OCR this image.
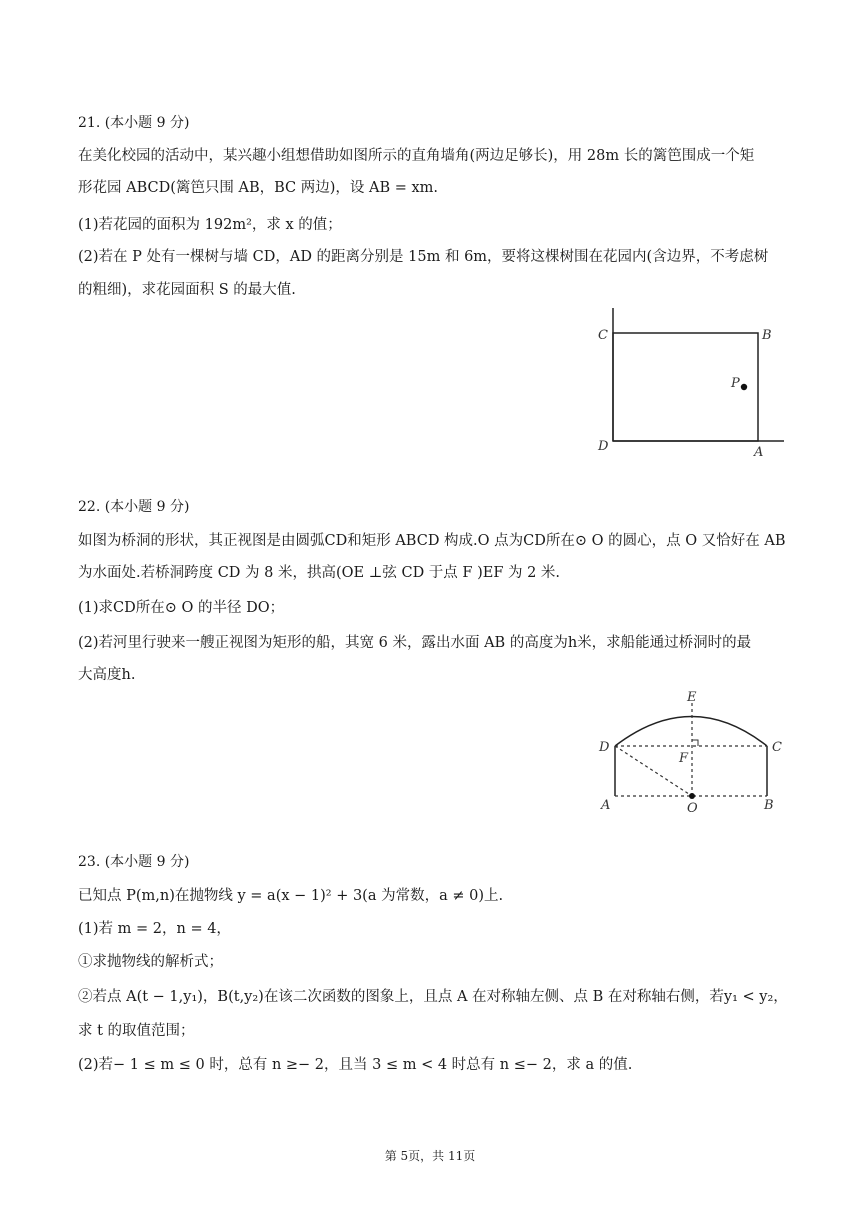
21. (本小题 9 分)
在美化校园的活动中，某兴趣小组想借助如图所示的直角墙角(两边足够长)，用 28m 长的篱笆围成一个矩
形花园 ABCD(篱笆只围 AB，BC 两边)，设 AB = xm.
(1)若花园的面积为 192m²，求 x 的值；
(2)若在 P 处有一棵树与墙 CD，AD 的距离分别是 15m 和 6m，要将这棵树围在花园内(含边界，不考虑树
的粗细)，求花园面积 S 的最大值.
C	B
D	A
P
22. (本小题 9 分)
如图为桥洞的形状，其正视图是由圆弧CD和矩形 ABCD 构成.O 点为CD所在⊙ O 的圆心，点 O 又恰好在 AB
为水面处.若桥洞跨度 CD 为 8 米，拱高(OE ⊥弦 CD 于点 F )EF 为 2 米.
(1)求CD所在⊙ O 的半径 DO；
(2)若河里行驶来一艘正视图为矩形的船，其宽 6 米，露出水面 AB 的高度为h米，求船能通过桥洞时的最
大高度h.
E
D	C
F
A	O	B
23. (本小题 9 分)
已知点 P(m,n)在抛物线 y = a(x − 1)² + 3(a 为常数，a ≠ 0)上.
(1)若 m = 2，n = 4，
①求抛物线的解析式；
②若点 A(t − 1,y₁)，B(t,y₂)在该二次函数的图象上，且点 A 在对称轴左侧、点 B 在对称轴右侧，若y₁ < y₂，
求 t 的取值范围；
(2)若− 1 ≤ m ≤ 0 时，总有 n ≥− 2，且当 3 ≤ m < 4 时总有 n ≤− 2，求 a 的值.
第 5页，共 11页
